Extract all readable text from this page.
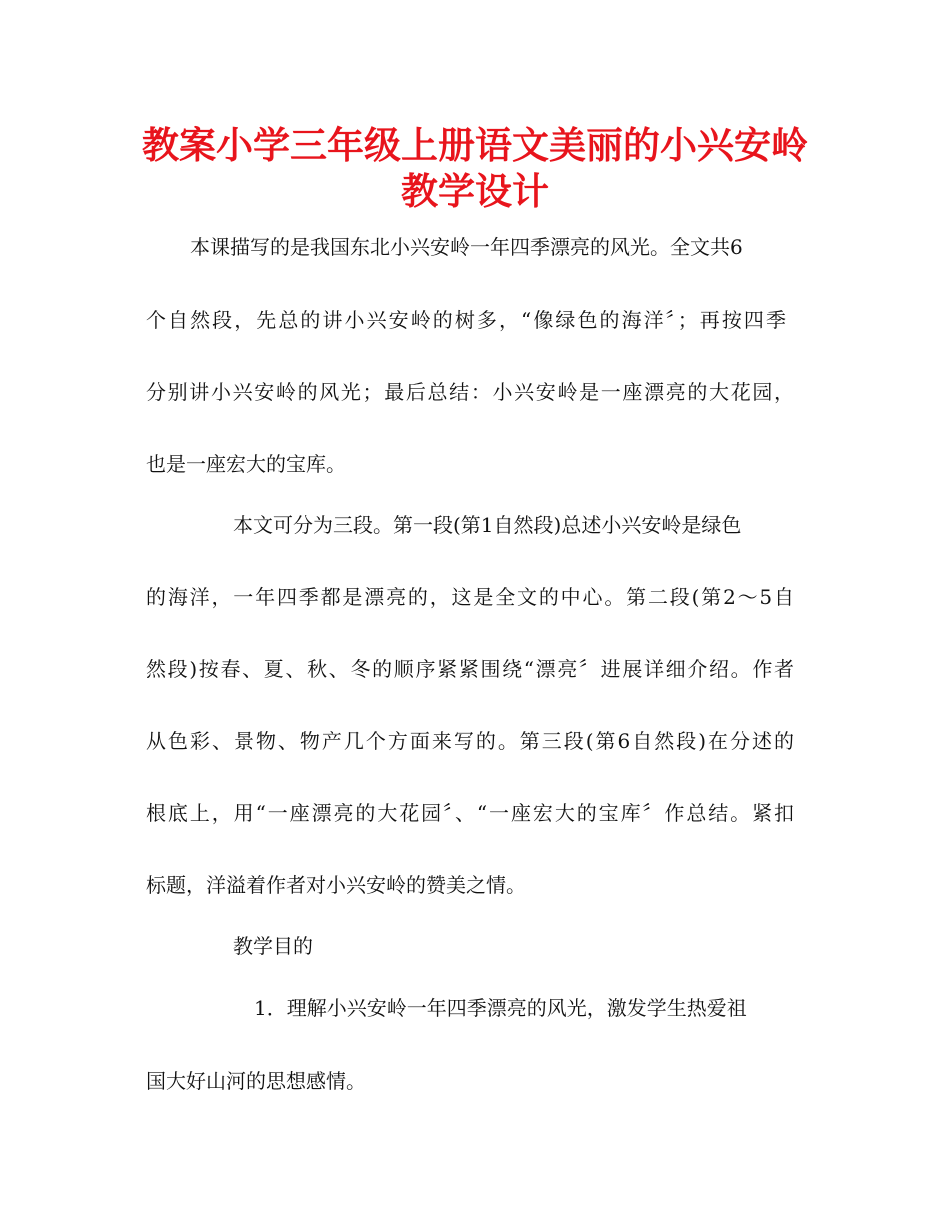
教案小学三年级上册语文美丽的小兴安岭
教学设计

本课描写的是我国东北小兴安岭一年四季漂亮的风光。全文共6

个自然段，先总的讲小兴安岭的树多，“像绿色的海洋〞；再按四季

分别讲小兴安岭的风光；最后总结：小兴安岭是一座漂亮的大花园，

也是一座宏大的宝库。

本文可分为三段。第一段(第1自然段)总述小兴安岭是绿色

的海洋，一年四季都是漂亮的，这是全文的中心。第二段(第2～5自

然段)按春、夏、秋、冬的顺序紧紧围绕“漂亮〞进展详细介绍。作者

从色彩、景物、物产几个方面来写的。第三段(第6自然段)在分述的

根底上，用“一座漂亮的大花园〞、“一座宏大的宝库〞作总结。紧扣

标题，洋溢着作者对小兴安岭的赞美之情。

教学目的

1．理解小兴安岭一年四季漂亮的风光，激发学生热爱祖

国大好山河的思想感情。
